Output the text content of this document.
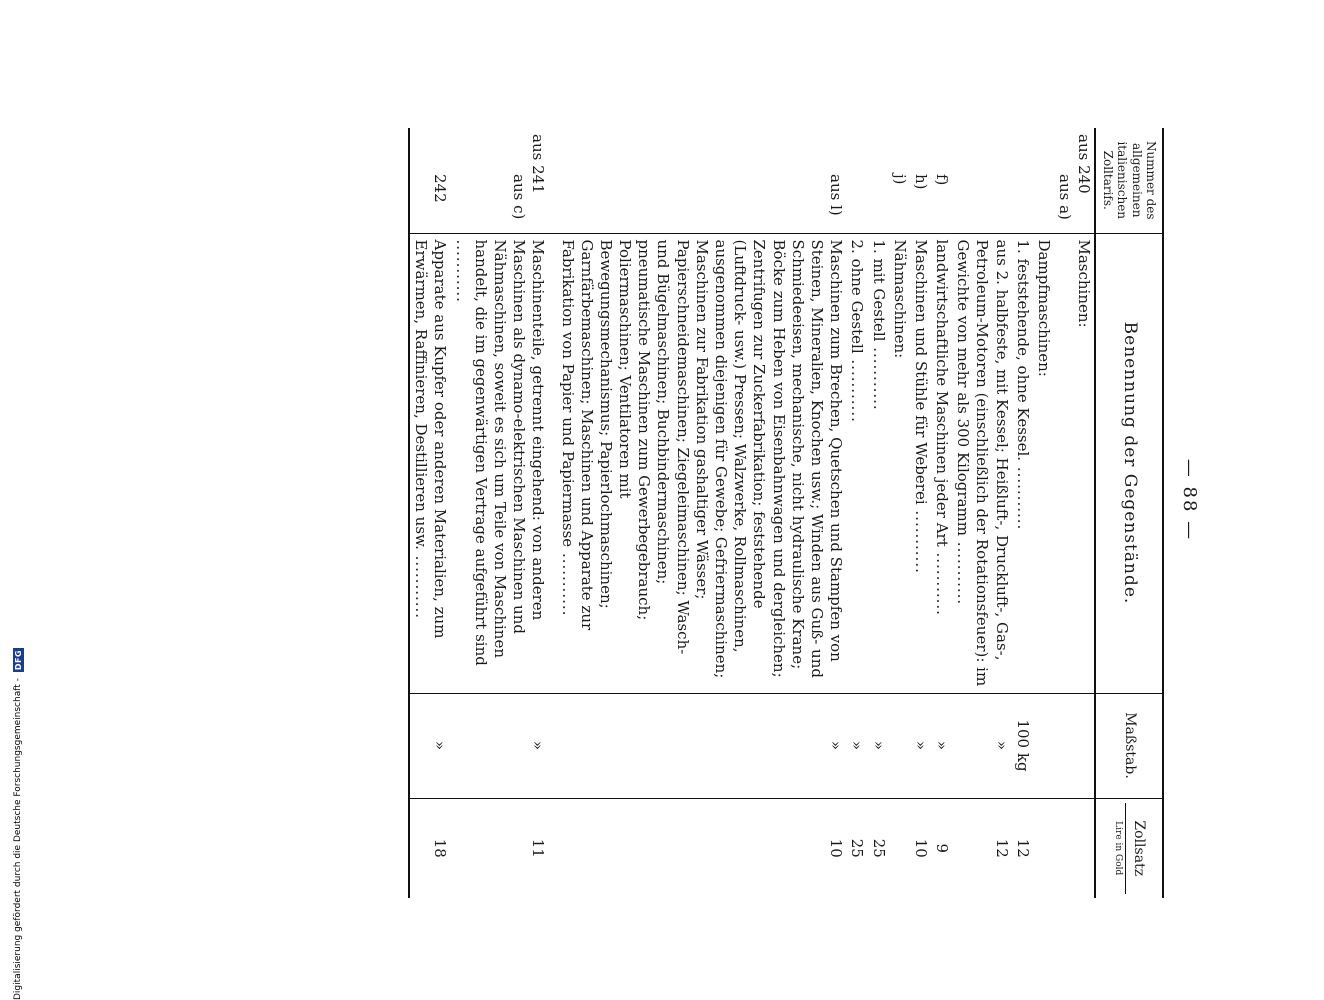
Digitalisierung gefördert durch die Deutsche Forschungsgemeinschaft -
DFG
— 88 —
Nummer des allgemeinen italienischen Zolltarifs.	Benennung der Gegenstände.	Maßstab.	Zollsatz
Lire in Gold

aus 240
aus a)	Maschinen:		

	Dampfmaschinen:		

	1. feststehende, ohne Kessel. .....	100 kg	12

	aus 2. halbfeste, mit Kessel; Heißluft-, Druckluft-, Gas-, Petroleum-Motoren (einschließlich der Rotationsfeuer): im Gewichte von mehr als 300 Kilogramm .....	»	12

f)	landwirtschaftliche Maschinen jeder Art .....	»	9

h)	Maschinen und Stühle für Weberei .....	»	10

j)	Nähmaschinen:		

	1. mit Gestell .....	»	25

	2. ohne Gestell .....	»	25

aus l)	Maschinen zum Brechen, Quetschen und Stampfen von Steinen, Mineralien, Knochen usw.; Winden aus Guß- und Schmiedeeisen, mechanische, nicht hydraulische Krane; Böcke zum Heben von Eisenbahnwagen und dergleichen; Zentrifugen zur Zuckerfabrikation; feststehende (Luftdruck- usw.) Pressen; Walzwerke, Rollmaschinen, ausgenommen diejenigen für Gewebe; Gefriermaschinen; Maschinen zur Fabrikation gashaltiger Wässer; Papierschneidemaschinen; Ziegeleimaschinen; Wasch- und Bügelmaschinen; Buchbindermaschinen; pneumatische Maschinen zum Gewerbegebrauch; Poliermaschinen; Ventilatoren mit Bewegungsmechanismus; Papierlochmaschinen; Garnfärbemaschinen; Maschinen und Apparate zur Fabrikation von Papier und Papiermasse .....	»	10

aus 241
aus c)	Maschinenteile, getrennt eingehend: von anderen Maschinen als dynamo-elektrischen Maschinen und Nähmaschinen, soweit es sich um Teile von Maschinen handelt, die im gegenwärtigen Vertrage aufgeführt sind .....	»	11

242	Apparate aus Kupfer oder anderen Materialien, zum Erwärmen, Raffinieren, Destillieren usw. .....	»	18
